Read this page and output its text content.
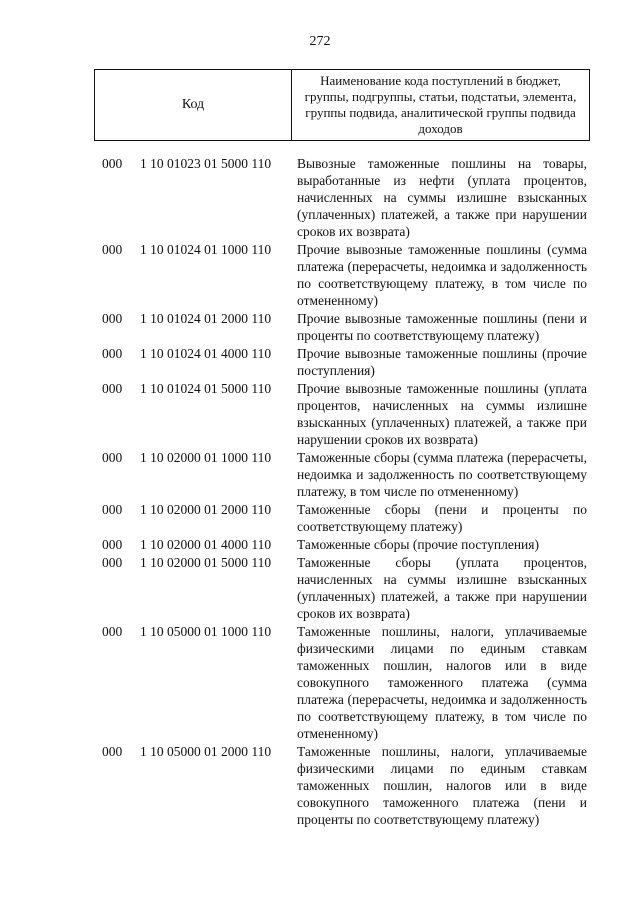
272
Код
Наименование кода поступлений в бюджет, группы, подгруппы, статьи, подстатьи, элемента, группы подвида, аналитической группы подвида доходов
000 1 10 01023 01 5000 110 Вывозные таможенные пошлины на товары, выработанные из нефти (уплата процентов, начисленных на суммы излишне взысканных (уплаченных) платежей, а также при нарушении сроков их возврата)
000 1 10 01024 01 1000 110 Прочие вывозные таможенные пошлины (сумма платежа (перерасчеты, недоимка и задолженность по соответствующему платежу, в том числе по отмененному)
000 1 10 01024 01 2000 110 Прочие вывозные таможенные пошлины (пени и проценты по соответствующему платежу)
000 1 10 01024 01 4000 110 Прочие вывозные таможенные пошлины (прочие поступления)
000 1 10 01024 01 5000 110 Прочие вывозные таможенные пошлины (уплата процентов, начисленных на суммы излишне взысканных (уплаченных) платежей, а также при нарушении сроков их возврата)
000 1 10 02000 01 1000 110 Таможенные сборы (сумма платежа (перерасчеты, недоимка и задолженность по соответствующему платежу, в том числе по отмененному)
000 1 10 02000 01 2000 110 Таможенные сборы (пени и проценты по соответствующему платежу)
000 1 10 02000 01 4000 110 Таможенные сборы (прочие поступления)
000 1 10 02000 01 5000 110 Таможенные сборы (уплата процентов, начисленных на суммы излишне взысканных (уплаченных) платежей, а также при нарушении сроков их возврата)
000 1 10 05000 01 1000 110 Таможенные пошлины, налоги, уплачиваемые физическими лицами по единым ставкам таможенных пошлин, налогов или в виде совокупного таможенного платежа (сумма платежа (перерасчеты, недоимка и задолженность по соответствующему платежу, в том числе по отмененному)
000 1 10 05000 01 2000 110 Таможенные пошлины, налоги, уплачиваемые физическими лицами по единым ставкам таможенных пошлин, налогов или в виде совокупного таможенного платежа (пени и проценты по соответствующему платежу)
